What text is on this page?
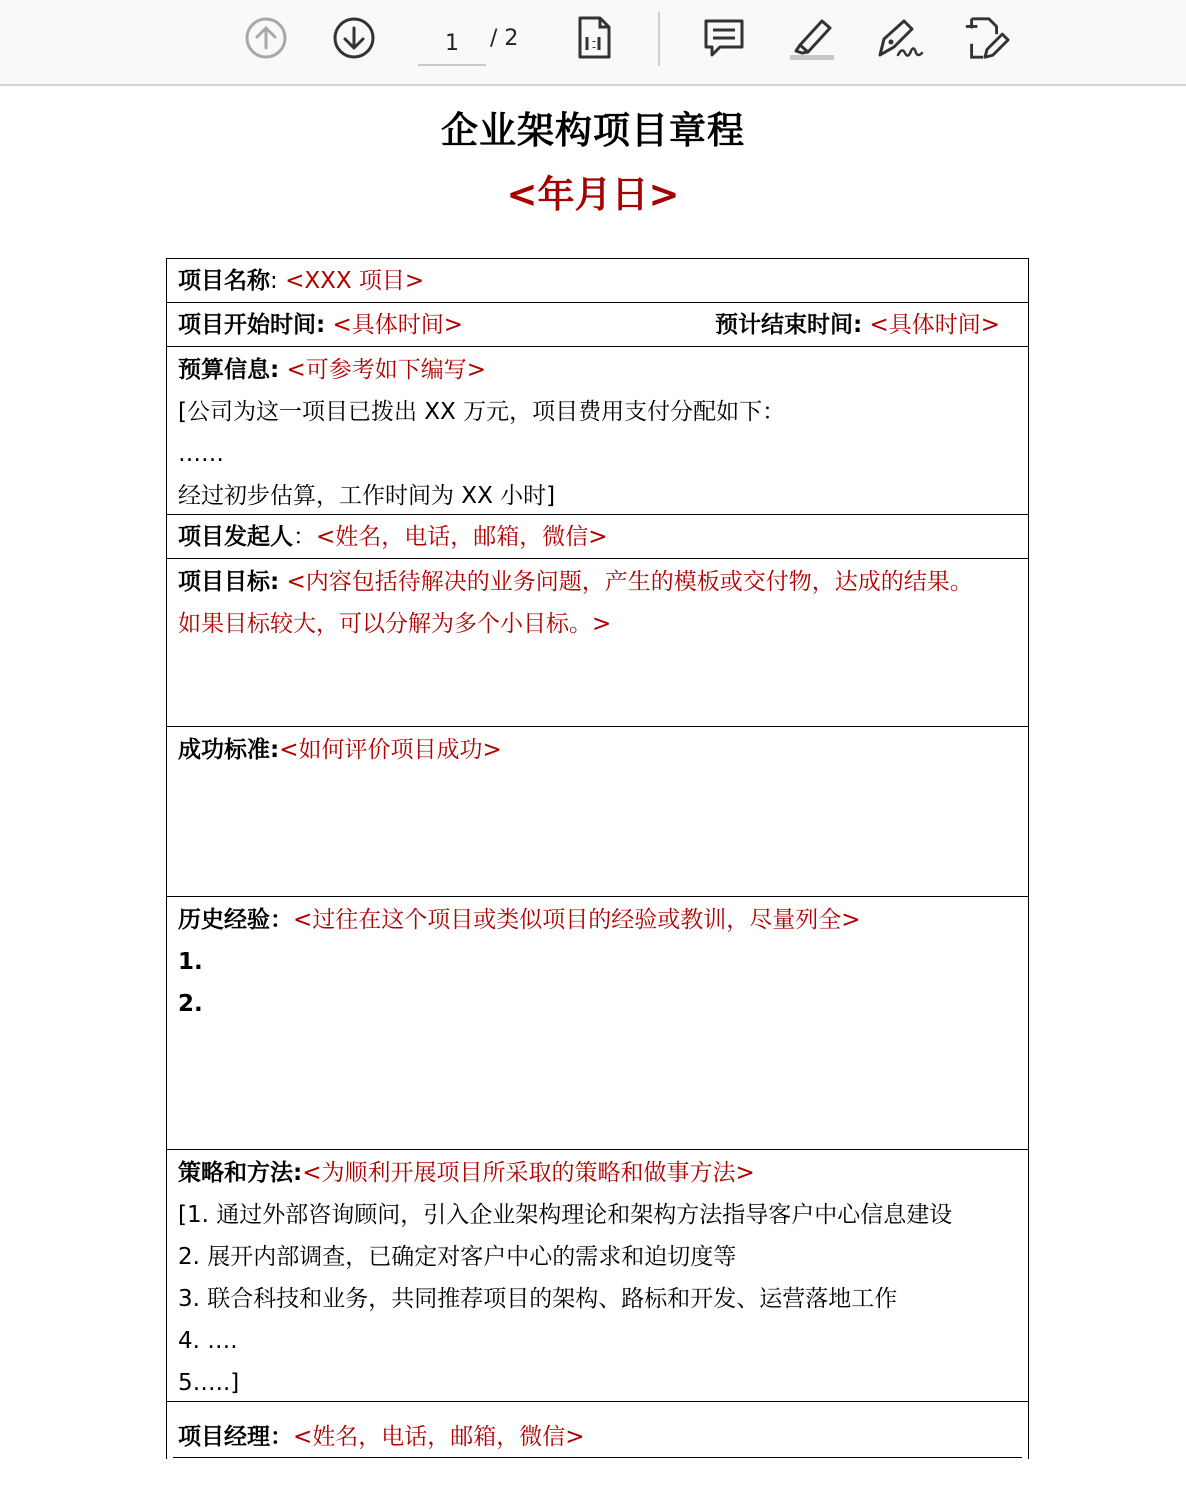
1
/ 2
企业架构项目章程
<年月日>
项目名称: <XXX 项目>
项目开始时间: <具体时间>	预计结束时间: <具体时间>
预算信息: <可参考如下编写>
[公司为这一项目已拨出 XX 万元，项目费用支付分配如下：
……
经过初步估算，工作时间为 XX 小时]
项目发起人：<姓名，电话，邮箱，微信>
项目目标: <内容包括待解决的业务问题，产生的模板或交付物，达成的结果。
如果目标较大，可以分解为多个小目标。>
成功标准:<如何评价项目成功>
历史经验：<过往在这个项目或类似项目的经验或教训，尽量列全>
1.
2.
策略和方法:<为顺利开展项目所采取的策略和做事方法>
[1. 通过外部咨询顾问，引入企业架构理论和架构方法指导客户中心信息建设
2. 展开内部调查，已确定对客户中心的需求和迫切度等
3. 联合科技和业务，共同推荐项目的架构、路标和开发、运营落地工作
4. ….
5…..]
项目经理：<姓名，电话，邮箱，微信>
